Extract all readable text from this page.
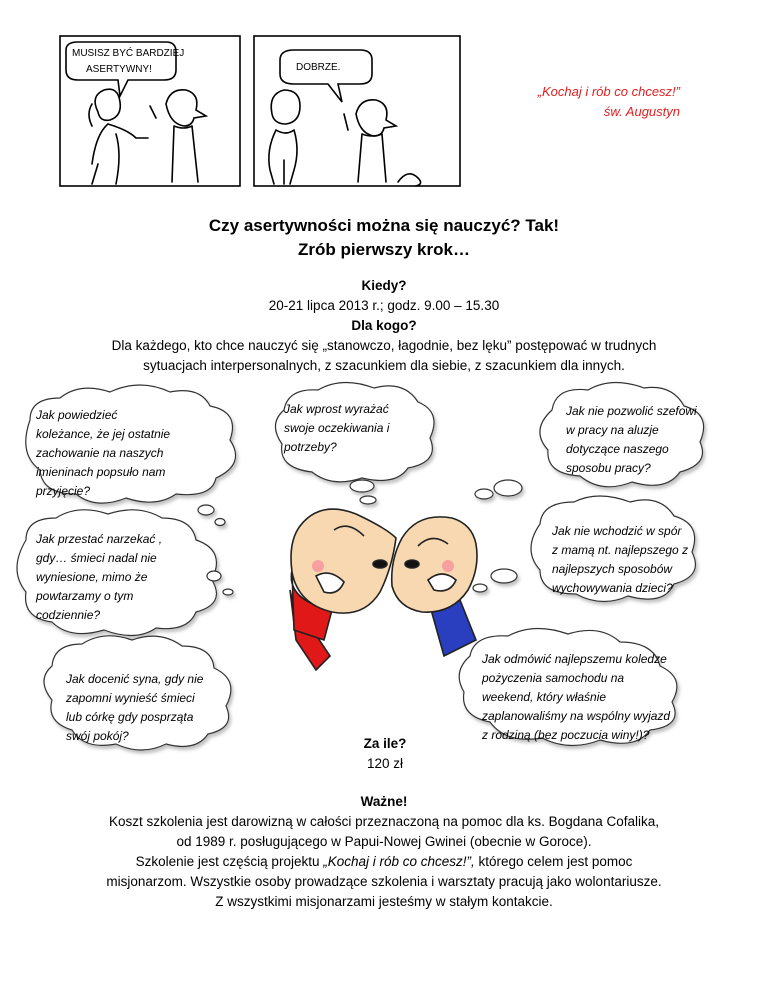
MUSISZ BYĆ BARDZIEJ
ASERTYWNY!	DOBRZE.
„Kochaj i rób co chcesz!”
św. Augustyn
Czy asertywności można się nauczyć? Tak!
Zrób pierwszy krok…
Kiedy?
20-21 lipca 2013 r.; godz. 9.00 – 15.30
Dla kogo?
Dla każdego, kto chce nauczyć się „stanowczo, łagodnie, bez lęku” postępować w trudnych
sytuacjach interpersonalnych, z szacunkiem dla siebie, z szacunkiem dla innych.
Jak powiedzieć
koleżance, że jej ostatnie
zachowanie na naszych
imieninach popsuło nam
przyjęcie?
Jak wprost wyrażać
swoje oczekiwania i
potrzeby?
Jak nie pozwolić szefowi
w pracy na aluzje
dotyczące naszego
sposobu pracy?
Jak przestać narzekać ,
gdy… śmieci nadal nie
wyniesione, mimo że
powtarzamy o tym
codziennie?
Jak nie wchodzić w spór
z mamą nt. najlepszego z
najlepszych sposobów
wychowywania dzieci?
Jak docenić syna, gdy nie
zapomni wynieść śmieci
lub córkę gdy posprząta
swój pokój?
Jak odmówić najlepszemu koledze
pożyczenia samochodu na
weekend, który właśnie
zaplanowaliśmy na wspólny wyjazd
z rodziną (bez poczucia winy!)?
Za ile?
120 zł

Ważne!

Koszt szkolenia jest darowizną w całości przeznaczoną na pomoc dla ks. Bogdana Cofalika,

od 1989 r. posługującego w Papui-Nowej Gwinei (obecnie w Goroce).

Szkolenie jest częścią projektu „Kochaj i rób co chcesz!”, którego celem jest pomoc

misjonarzom. Wszystkie osoby prowadzące szkolenia i warsztaty pracują jako wolontariusze.

Z wszystkimi misjonarzami jesteśmy w stałym kontakcie.
